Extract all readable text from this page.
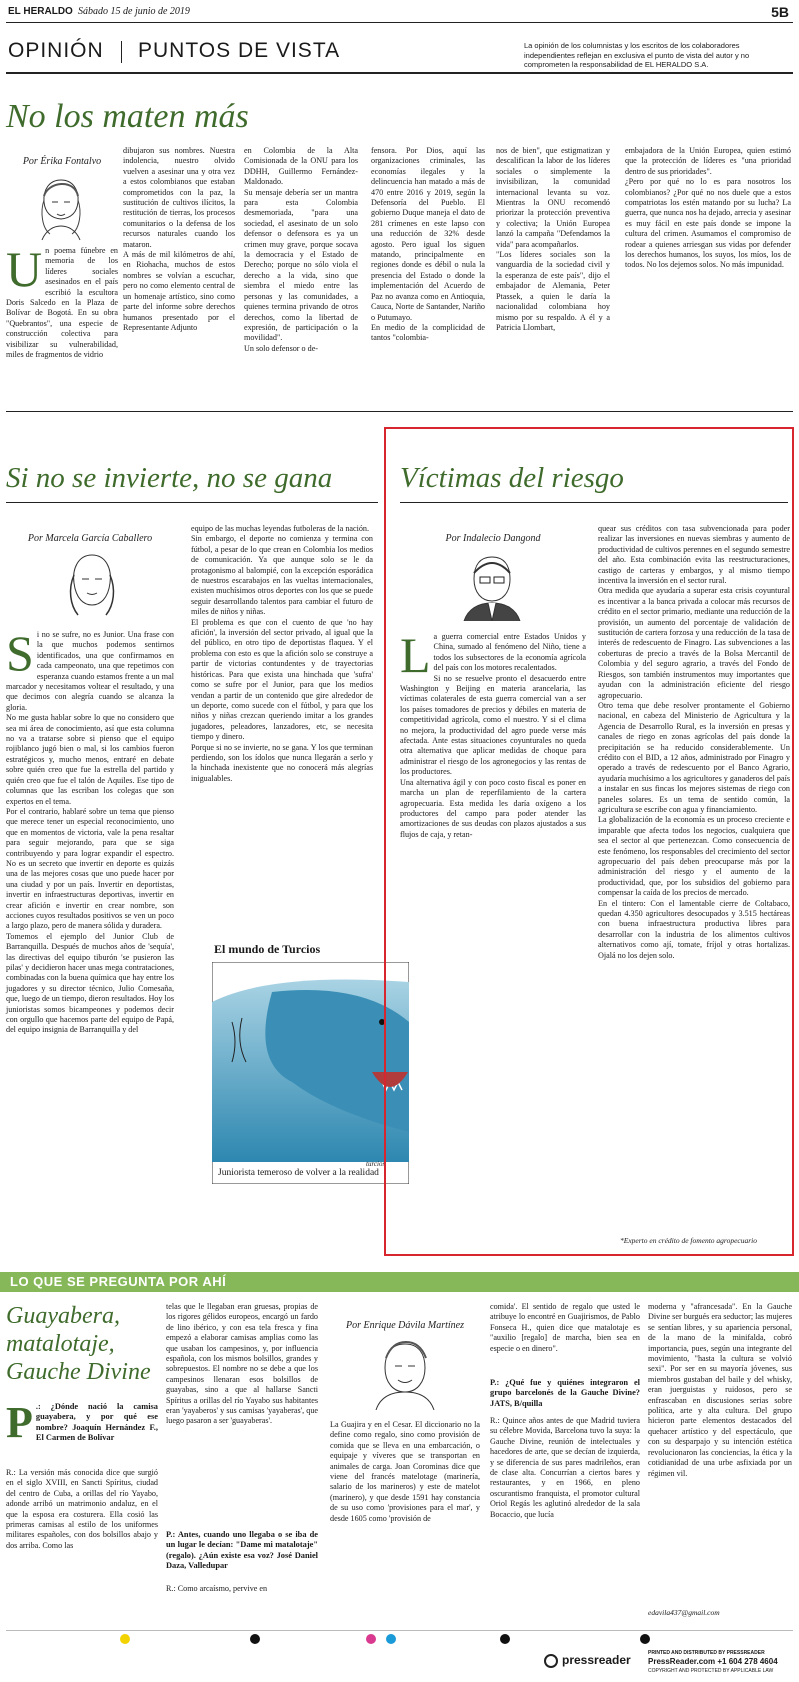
EL HERALDO Sábado 15 de junio de 2019	5B
OPINIÓN PUNTOS DE VISTA	La opinión de los columnistas y los escritos de los colaboradores independientes reflejan en exclusiva el punto de vista del autor y no comprometen la responsabilidad de EL HERALDO S.A.
No los maten más
Por Érika Fontalvo
Un poema fúnebre en memoria de los líderes sociales asesinados en el país escribió la escultora Doris Salcedo en la Plaza de Bolívar de Bogotá. En su obra "Quebrantos", una especie de construcción colectiva para visibilizar su vulnerabilidad, miles de fragmentos de vidrio
dibujaron sus nombres. Nuestra indolencia, nuestro olvido vuelven a asesinar una y otra vez a estos colombianos que estaban comprometidos con la paz, la sustitución de cultivos ilícitos, la restitución de tierras, los procesos comunitarios o la defensa de los recursos naturales cuando los mataron.
A más de mil kilómetros de ahí, en Riohacha, muchos de estos nombres se volvían a escuchar, pero no como elemento central de un homenaje artístico, sino como parte del informe sobre derechos humanos presentado por el Representante Adjunto
en Colombia de la Alta Comisionada de la ONU para los DDHH, Guillermo Fernández-Maldonado.
Su mensaje debería ser un mantra para esta Colombia desmemoriada, "para una sociedad, el asesinato de un solo defensor o defensora es ya un crimen muy grave, porque socava la democracia y el Estado de Derecho; porque no sólo viola el derecho a la vida, sino que siembra el miedo entre las personas y las comunidades, a quienes termina privando de otros derechos, como la libertad de expresión, de participación o la movilidad".
Un solo defensor o de-
fensora. Por Dios, aquí las organizaciones criminales, las economías ilegales y la delincuencia han matado a más de 470 entre 2016 y 2019, según la Defensoría del Pueblo. El gobierno Duque maneja el dato de 281 crímenes en este lapso con una reducción de 32% desde agosto. Pero igual los siguen matando, principalmente en regiones donde es débil o nula la presencia del Estado o donde la implementación del Acuerdo de Paz no avanza como en Antioquia, Cauca, Norte de Santander, Nariño o Putumayo.
En medio de la complicidad de tantos "colombia-
nos de bien", que estigmatizan y descalifican la labor de los líderes sociales o simplemente la invisibilizan, la comunidad internacional levanta su voz. Mientras la ONU recomendó priorizar la protección preventiva y colectiva; la Unión Europea lanzó la campaña "Defendamos la vida" para acompañarlos.
"Los líderes sociales son la vanguardia de la sociedad civil y la esperanza de este país", dijo el embajador de Alemania, Peter Ptassek, a quien le daría la nacionalidad colombiana hoy mismo por su respaldo. A él y a Patricia Llombart,
embajadora de la Unión Europea, quien estimó que la protección de líderes es "una prioridad dentro de sus prioridades".
¿Pero por qué no lo es para nosotros los colombianos? ¿Por qué no nos duele que a estos compatriotas los estén matando por su lucha? La guerra, que nunca nos ha dejado, arrecia y asesinar es muy fácil en este país donde se impone la cultura del crimen. Asumamos el compromiso de rodear a quienes arriesgan sus vidas por defender los derechos humanos, los suyos, los míos, los de todos. No los dejemos solos. No más impunidad.
Si no se invierte, no se gana
Por Marcela García Caballero
Si no se sufre, no es Junior. Una frase con la que muchos podemos sentirnos identificados, una que confirmamos en cada campeonato, una que repetimos con esperanza cuando estamos frente a un mal marcador y necesitamos voltear el resultado, y una que decimos con alegría cuando se alcanza la gloria.
No me gusta hablar sobre lo que no considero que sea mi área de conocimiento, así que esta columna no va a tratarse sobre si pienso que el equipo rojiblanco jugó bien o mal, si los cambios fueron estratégicos y, mucho menos, entraré en debate sobre quién creo que fue la estrella del partido y quién creo que fue el talón de Aquiles. Ese tipo de columnas que las escriban los colegas que son expertos en el tema.
Por el contrario, hablaré sobre un tema que pienso que merece tener un especial reconocimiento, uno que en momentos de victoria, vale la pena resaltar para seguir mejorando, para que se siga contribuyendo y para lograr expandir el espectro. No es un secreto que invertir en deporte es quizás una de las mejores cosas que uno puede hacer por una ciudad y por un país. Invertir en deportistas, invertir en infraestructuras deportivas, invertir en crear afición e invertir en crear nombre, son acciones cuyos resultados positivos se ven un poco a largo plazo, pero de manera sólida y duradera.
Tomemos el ejemplo del Junior Club de Barranquilla. Después de muchos años de 'sequía', las directivas del equipo tiburón 'se pusieron las pilas' y decidieron hacer unas mega contrataciones, combinadas con la buena química que hay entre los jugadores y su director técnico, Julio Comesaña, que, luego de un tiempo, dieron resultados. Hoy los junioristas somos bicampeones y podemos decir con orgullo que hacemos parte del equipo de Papá, del equipo insignia de Barranquilla y del
equipo de las muchas leyendas futboleras de la nación.
Sin embargo, el deporte no comienza y termina con fútbol, a pesar de lo que crean en Colombia los medios de comunicación. Ya que aunque solo se le da protagonismo al balompié, con la excepción esporádica de nuestros escarabajos en las vueltas internacionales, existen muchísimos otros deportes con los que se puede seguir desarrollando talentos para cambiar el futuro de miles de niños y niñas.
El problema es que con el cuento de que 'no hay afición', la inversión del sector privado, al igual que la del público, en otro tipo de deportistas flaquea. Y el problema con esto es que la afición solo se construye a partir de victorias contundentes y de trayectorias históricas. Para que exista una hinchada que 'sufra' como se sufre por el Junior, para que los medios vendan a partir de un contenido que gire alrededor de un deporte, como sucede con el fútbol, y para que los niños y niñas crezcan queriendo imitar a los grandes jugadores, peleadores, lanzadores, etc, se necesita tiempo y dinero.
Porque si no se invierte, no se gana. Y los que terminan perdiendo, son los ídolos que nunca llegarán a serlo y la hinchada inexistente que no conocerá más alegrías inigualables.
El mundo de Turcios
Juniorista temeroso de volver a la realidad
turcios
Víctimas del riesgo
Por Indalecio Dangond
La guerra comercial entre Estados Unidos y China, sumado al fenómeno del Niño, tiene a todos los subsectores de la economía agrícola del país con los motores recalentados.
Si no se resuelve pronto el desacuerdo entre Washington y Beijing en materia arancelaria, las víctimas colaterales de esta guerra comercial van a ser los países tomadores de precios y débiles en materia de competitividad agrícola, como el nuestro. Y si el clima no mejora, la productividad del agro puede verse más afectada. Ante estas situaciones coyunturales no queda otra alternativa que aplicar medidas de choque para administrar el riesgo de los agronegocios y las rentas de los productores.
Una alternativa ágil y con poco costo fiscal es poner en marcha un plan de reperfilamiento de la cartera agropecuaria. Esta medida les daría oxígeno a los productores del campo para poder atender las amortizaciones de sus deudas con plazos ajustados a sus flujos de caja, y retan-
quear sus créditos con tasa subvencionada para poder realizar las inversiones en nuevas siembras y aumento de productividad de cultivos perennes en el segundo semestre del año. Esta combinación evita las reestructuraciones, castigo de carteras y embargos, y al mismo tiempo incentiva la inversión en el sector rural.
Otra medida que ayudaría a superar esta crisis coyuntural es incentivar a la banca privada a colocar más recursos de crédito en el sector primario, mediante una reducción de la provisión, un aumento del porcentaje de validación de sustitución de cartera forzosa y una reducción de la tasa de interés de redescuento de Finagro. Las subvenciones a las coberturas de precio a través de la Bolsa Mercantil de Colombia y del seguro agrario, a través del Fondo de Riesgos, son también instrumentos muy importantes que ayudan con la administración eficiente del riesgo agropecuario.
Otro tema que debe resolver prontamente el Gobierno nacional, en cabeza del Ministerio de Agricultura y la Agencia de Desarrollo Rural, es la inversión en presas y canales de riego en zonas agrícolas del país donde la precipitación se ha reducido considerablemente. Un crédito con el BID, a 12 años, administrado por Finagro y operado a través de redescuento por el Banco Agrario, ayudaría muchísimo a los agricultores y ganaderos del país a instalar en sus fincas los mejores sistemas de riego con paneles solares. Es un tema de sentido común, la agricultura se escribe con agua y financiamiento.
La globalización de la economía es un proceso creciente e imparable que afecta todos los negocios, cualquiera que sea el sector al que pertenezcan. Como consecuencia de este fenómeno, los responsables del crecimiento del sector agropecuario del país deben preocuparse más por la administración del riesgo y el aumento de la productividad, que, por los subsidios del gobierno para compensar la caída de los precios de mercado.
En el tintero: Con el lamentable cierre de Coltabaco, quedan 4.350 agricultores desocupados y 3.515 hectáreas con buena infraestructura productiva libres para desarrollar con la industria de los alimentos cultivos alternativos como ají, tomate, fríjol y otras hortalizas. Ojalá no los dejen solo.
*Experto en crédito de fomento agropecuario
LO QUE SE PREGUNTA POR AHÍ
Guayabera, matalotaje, Gauche Divine
P .: ¿Dónde nació la camisa guayabera, y por qué ese nombre? Joaquín Hernández F., El Carmen de Bolívar
R.: La versión más conocida dice que surgió en el siglo XVIII, en Sancti Spíritus, ciudad del centro de Cuba, a orillas del río Yayabo, adonde arribó un matrimonio andaluz, en el que la esposa era costurera. Ella cosió las primeras camisas al estilo de los uniformes militares españoles, con dos bolsillos abajo y dos arriba. Como las
telas que le llegaban eran gruesas, propias de los rigores gélidos europeos, encargó un fardo de lino ibérico, y con esa tela fresca y fina empezó a elaborar camisas amplias como las que usaban los campesinos, y, por influencia española, con los mismos bolsillos, grandes y sobrepuestos. El nombre no se debe a que los campesinos llenaran esos bolsillos de guayabas, sino a que al hallarse Sancti Spíritus a orillas del río Yayabo sus habitantes eran 'yayaberos' y sus camisas 'yayaberas', que luego pasaron a ser 'guayaberas'.
P.: Antes, cuando uno llegaba o se iba de un lugar le decían: "Dame mi matalotaje" (regalo). ¿Aún existe esa voz? José Daniel Daza, Valledupar
R.: Como arcaísmo, pervive en
Por Enrique Dávila Martínez
La Guajira y en el Cesar. El diccionario no la define como regalo, sino como provisión de comida que se lleva en una embarcación, o equipaje y víveres que se transportan en animales de carga. Joan Corominas dice que viene del francés matelotage (marinería, salario de los marineros) y este de matelot (marinero), y que desde 1591 hay constancia de su uso como 'provisiones para el mar', y desde 1605 como 'provisión de
comida'. El sentido de regalo que usted le atribuye lo encontré en Guajirismos, de Pablo Fonseca H., quien dice que matalotaje es "auxilio [regalo] de marcha, bien sea en especie o en dinero".
P.: ¿Qué fue y quiénes integraron el grupo barcelonés de la Gauche Divine? JATS, B/quilla
R.: Quince años antes de que Madrid tuviera su célebre Movida, Barcelona tuvo la suya: la Gauche Divine, reunión de intelectuales y hacedores de arte, que se decían de izquierda, y se diferencia de sus pares madrileños, eran de clase alta. Concurrían a ciertos bares y restaurantes, y en 1966, en pleno oscurantismo franquista, el promotor cultural Oriol Regás les aglutinó alrededor de la sala Bocaccio, que lucía
moderna y "afrancesada". En la Gauche Divine ser burgués era seductor; las mujeres se sentían libres, y su apariencia personal, de la mano de la minifalda, cobró importancia, pues, según una integrante del movimiento, "hasta la cultura se volvió sexi". Por ser en su mayoría jóvenes, sus miembros gustaban del baile y del whisky, eran juerguistas y ruidosos, pero se enfrascaban en discusiones serias sobre política, arte y alta cultura. Del grupo hicieron parte elementos destacados del quehacer artístico y del espectáculo, que con su desparpajo y su intención estética revolucionaron las conciencias, la ética y la cotidianidad de una urbe asfixiada por un régimen vil.
edavila437@gmail.com
pressreader	PRINTED AND DISTRIBUTED BY PRESSREADER
PressReader.com +1 604 278 4604
COPYRIGHT AND PROTECTED BY APPLICABLE LAW
